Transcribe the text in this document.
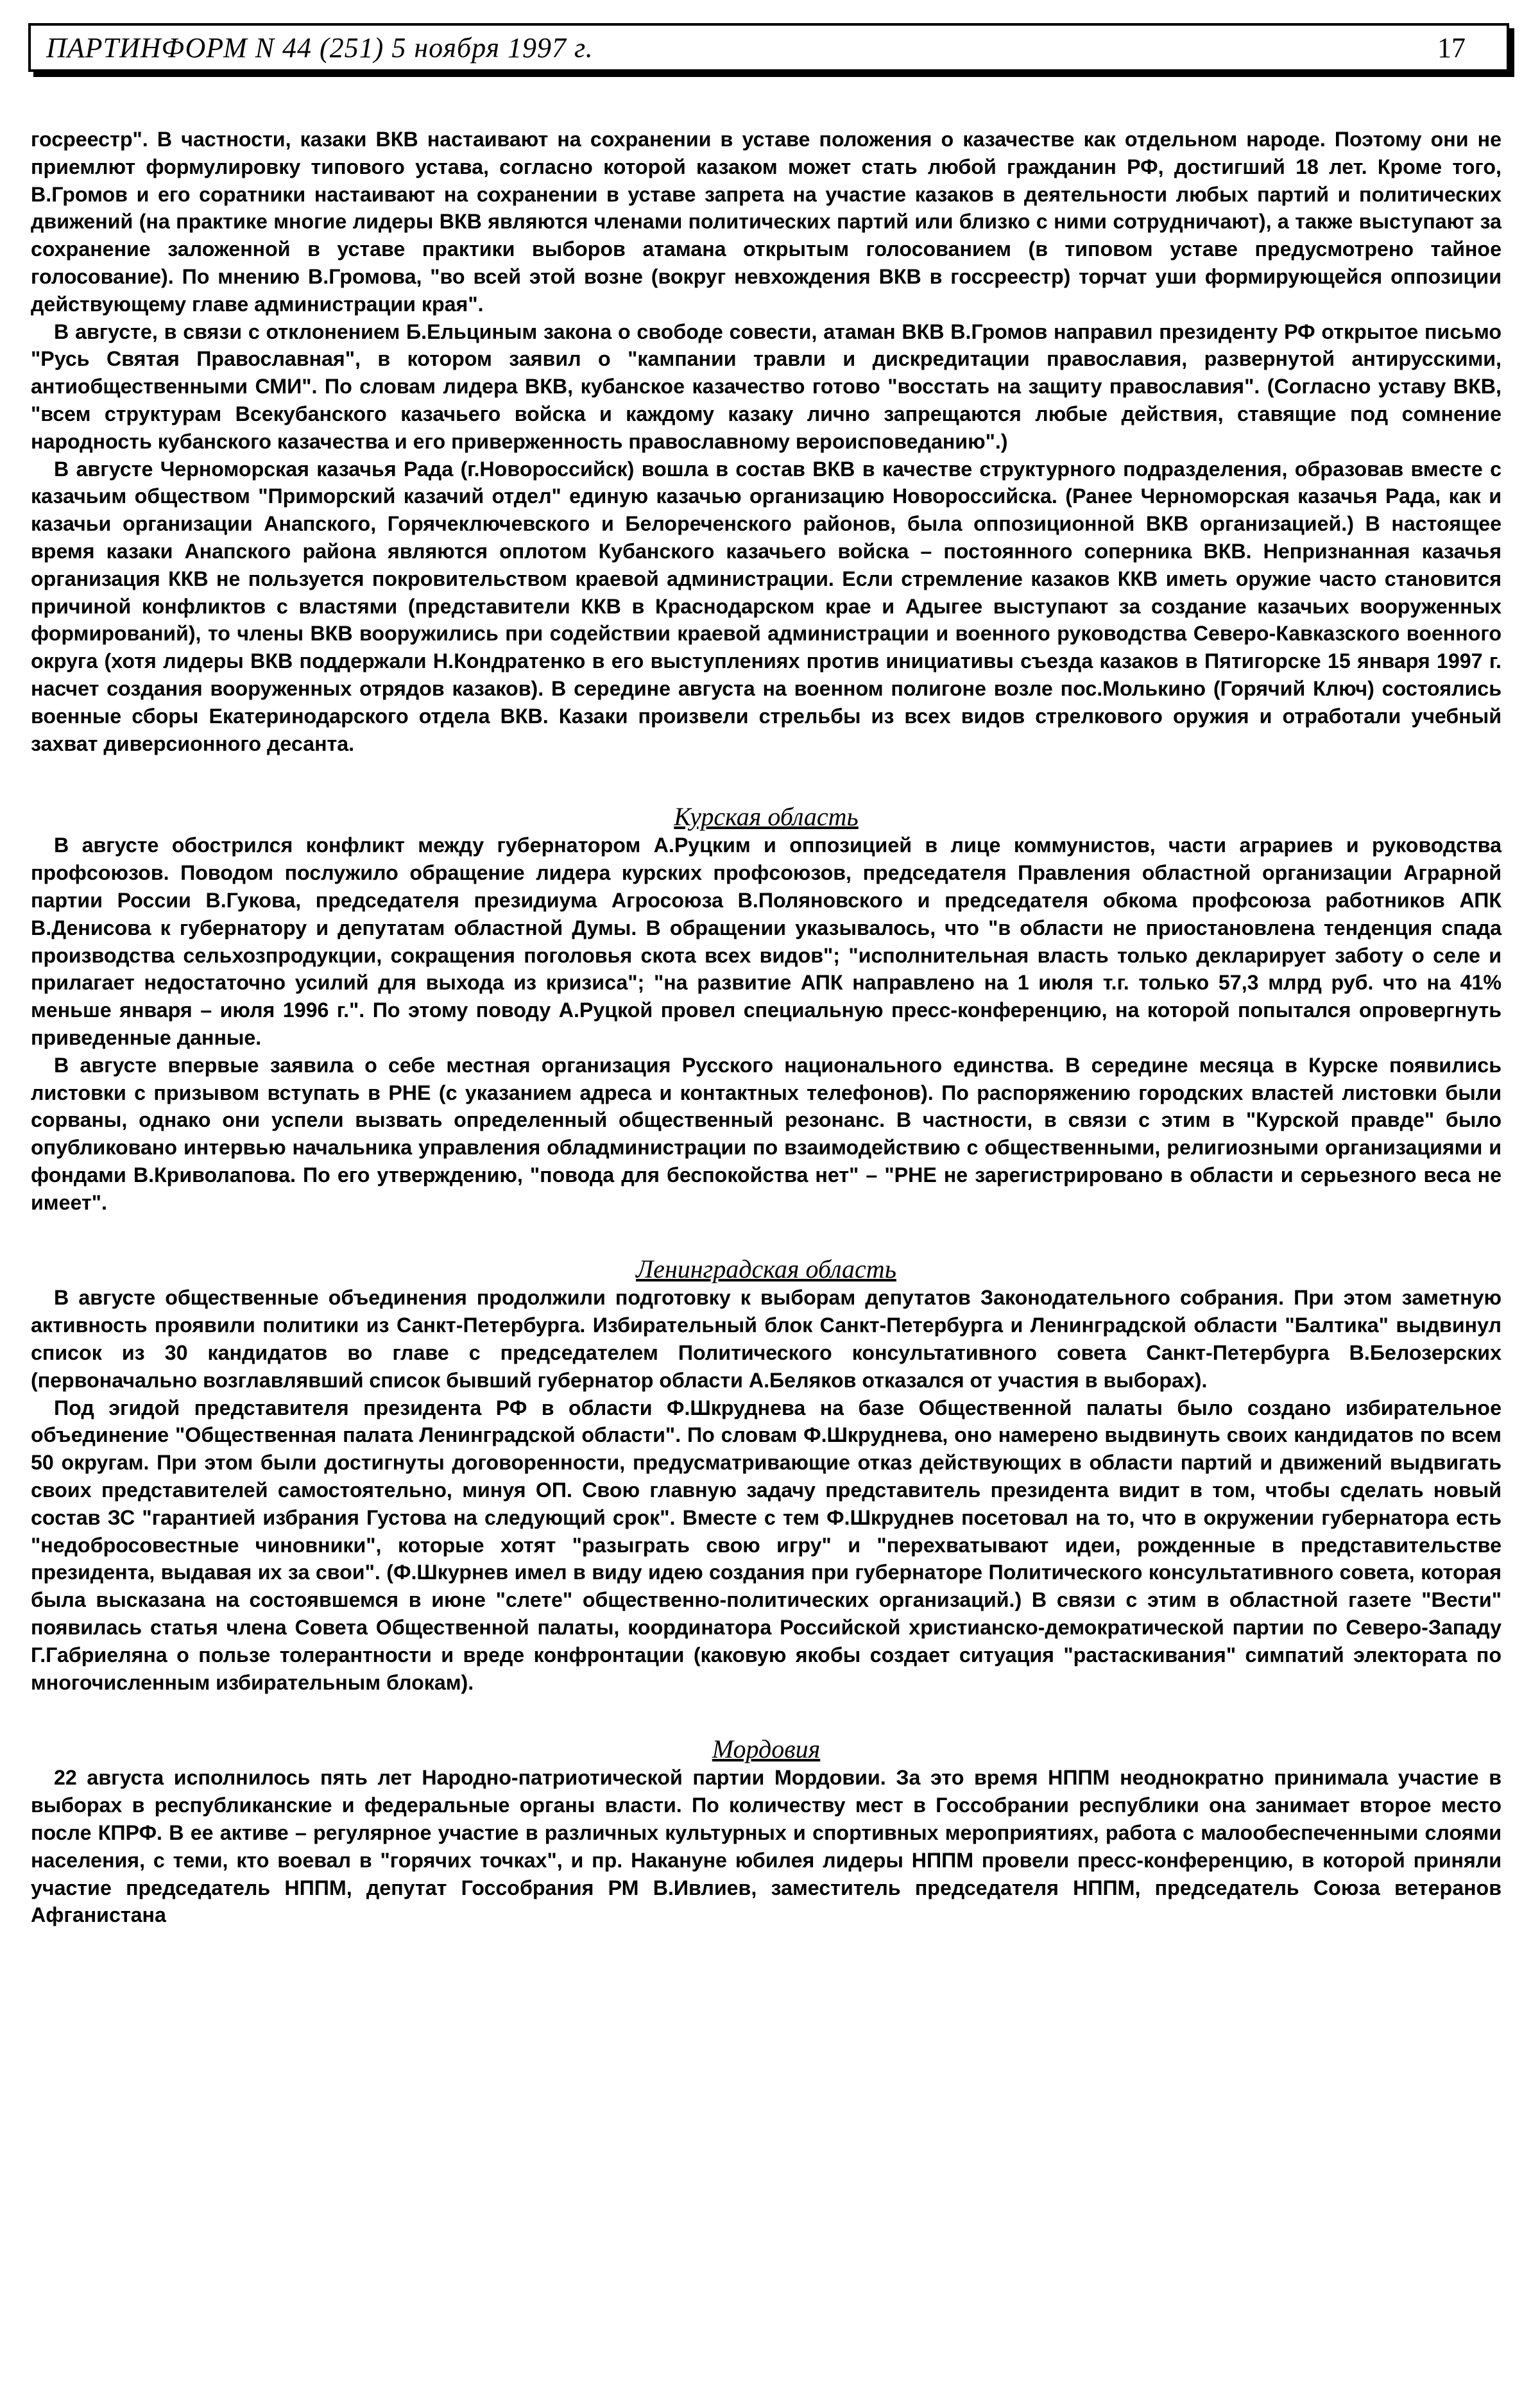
ПАРТИНФОРМ N 44 (251) 5 ноября 1997 г.	17

госреестр". В частности, казаки ВКВ настаивают на сохранении в уставе положения о казачестве как отдельном народе. Поэтому они не приемлют формулировку типового устава, согласно которой казаком может стать любой гражданин РФ, достигший 18 лет. Кроме того, В.Громов и его соратники настаивают на сохранении в уставе запрета на участие казаков в деятельности любых партий и политических движений (на практике многие лидеры ВКВ являются членами политических партий или близко с ними сотрудничают), а также выступают за сохранение заложенной в уставе практики выборов атамана открытым голосованием (в типовом уставе предусмотрено тайное голосование). По мнению В.Громова, "во всей этой возне (вокруг невхождения ВКВ в госсреестр) торчат уши формирующейся оппозиции действующему главе администрации края".

В августе, в связи с отклонением Б.Ельциным закона о свободе совести, атаман ВКВ В.Громов направил президенту РФ открытое письмо "Русь Святая Православная", в котором заявил о "кампании травли и дискредитации православия, развернутой антирусскими, антиобщественными СМИ". По словам лидера ВКВ, кубанское казачество готово "восстать на защиту православия". (Согласно уставу ВКВ, "всем структурам Всекубанского казачьего войска и каждому казаку лично запрещаются любые действия, ставящие под сомнение народность кубанского казачества и его приверженность православному вероисповеданию".)

В августе Черноморская казачья Рада (г.Новороссийск) вошла в состав ВКВ в качестве структурного подразделения, образовав вместе с казачьим обществом "Приморский казачий отдел" единую казачью организацию Новороссийска. (Ранее Черноморская казачья Рада, как и казачьи организации Анапского, Горячеключевского и Белореченского районов, была оппозиционной ВКВ организацией.) В настоящее время казаки Анапского района являются оплотом Кубанского казачьего войска – постоянного соперника ВКВ. Непризнанная казачья организация ККВ не пользуется покровительством краевой администрации. Если стремление казаков ККВ иметь оружие часто становится причиной конфликтов с властями (представители ККВ в Краснодарском крае и Адыгее выступают за создание казачьих вооруженных формирований), то члены ВКВ вооружились при содействии краевой администрации и военного руководства Северо-Кавказского военного округа (хотя лидеры ВКВ поддержали Н.Кондратенко в его выступлениях против инициативы съезда казаков в Пятигорске 15 января 1997 г. насчет создания вооруженных отрядов казаков). В середине августа на военном полигоне возле пос.Молькино (Горячий Ключ) состоялись военные сборы Екатеринодарского отдела ВКВ. Казаки произвели стрельбы из всех видов стрелкового оружия и отработали учебный захват диверсионного десанта.

Курская область

В августе обострился конфликт между губернатором А.Руцким и оппозицией в лице коммунистов, части аграриев и руководства профсоюзов. Поводом послужило обращение лидера курских профсоюзов, председателя Правления областной организации Аграрной партии России В.Гукова, председателя президиума Агросоюза В.Поляновского и председателя обкома профсоюза работников АПК В.Денисова к губернатору и депутатам областной Думы. В обращении указывалось, что "в области не приостановлена тенденция спада производства сельхозпродукции, сокращения поголовья скота всех видов"; "исполнительная власть только декларирует заботу о селе и прилагает недостаточно усилий для выхода из кризиса"; "на развитие АПК направлено на 1 июля т.г. только 57,3 млрд руб. что на 41% меньше января – июля 1996 г.". По этому поводу А.Руцкой провел специальную пресс-конференцию, на которой попытался опровергнуть приведенные данные.

В августе впервые заявила о себе местная организация Русского национального единства. В середине месяца в Курске появились листовки с призывом вступать в РНЕ (с указанием адреса и контактных телефонов). По распоряжению городских властей листовки были сорваны, однако они успели вызвать определенный общественный резонанс. В частности, в связи с этим в "Курской правде" было опубликовано интервью начальника управления обладминистрации по взаимодействию с общественными, религиозными организациями и фондами В.Криволапова. По его утверждению, "повода для беспокойства нет" – "РНЕ не зарегистрировано в области и серьезного веса не имеет".

Ленинградская область

В августе общественные объединения продолжили подготовку к выборам депутатов Законодательного собрания. При этом заметную активность проявили политики из Санкт-Петербурга. Избирательный блок Санкт-Петербурга и Ленинградской области "Балтика" выдвинул список из 30 кандидатов во главе с председателем Политического консультативного совета Санкт-Петербурга В.Белозерских (первоначально возглавлявший список бывший губернатор области А.Беляков отказался от участия в выборах).

Под эгидой представителя президента РФ в области Ф.Шкруднева на базе Общественной палаты было создано избирательное объединение "Общественная палата Ленинградской области". По словам Ф.Шкруднева, оно намерено выдвинуть своих кандидатов по всем 50 округам. При этом были достигнуты договоренности, предусматривающие отказ действующих в области партий и движений выдвигать своих представителей самостоятельно, минуя ОП. Свою главную задачу представитель президента видит в том, чтобы сделать новый состав ЗС "гарантией избрания Густова на следующий срок". Вместе с тем Ф.Шкруднев посетовал на то, что в окружении губернатора есть "недобросовестные чиновники", которые хотят "разыграть свою игру" и "перехватывают идеи, рожденные в представительстве президента, выдавая их за свои". (Ф.Шкурнев имел в виду идею создания при губернаторе Политического консультативного совета, которая была высказана на состоявшемся в июне "слете" общественно-политических организаций.) В связи с этим в областной газете "Вести" появилась статья члена Совета Общественной палаты, координатора Российской христианско-демократической партии по Северо-Западу Г.Габриеляна о пользе толерантности и вреде конфронтации (каковую якобы создает ситуация "растаскивания" симпатий электората по многочисленным избирательным блокам).

Мордовия

22 августа исполнилось пять лет Народно-патриотической партии Мордовии. За это время НППМ неоднократно принимала участие в выборах в республиканские и федеральные органы власти. По количеству мест в Госсобрании республики она занимает второе место после КПРФ. В ее активе – регулярное участие в различных культурных и спортивных мероприятиях, работа с малообеспеченными слоями населения, с теми, кто воевал в "горячих точках", и пр. Накануне юбилея лидеры НППМ провели пресс-конференцию, в которой приняли участие председатель НППМ, депутат Госсобрания РМ В.Ивлиев, заместитель председателя НППМ, председатель Союза ветеранов Афганистана
